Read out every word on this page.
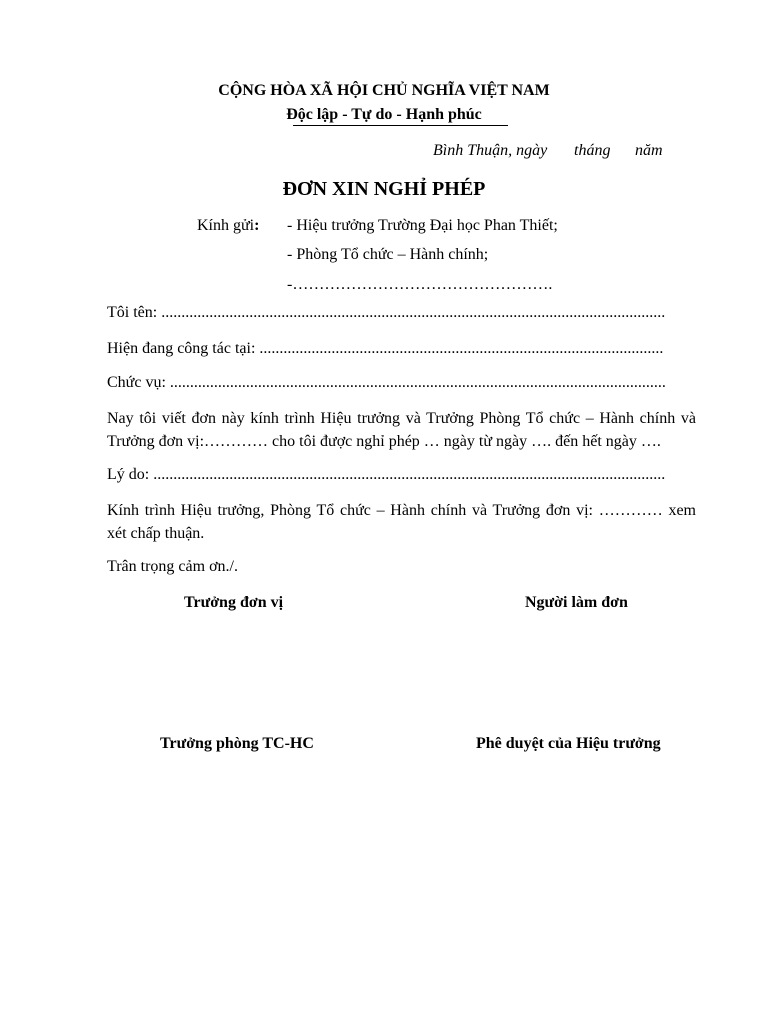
CỘNG HÒA XÃ HỘI CHỦ NGHĨA VIỆT NAM
Độc lập - Tự do - Hạnh phúc
Bình Thuận, ngày tháng năm
ĐƠN XIN NGHỈ PHÉP
Kính gửi: - Hiệu trưởng Trường Đại học Phan Thiết;
- Phòng Tổ chức – Hành chính;
-………………………………………….
Tôi tên: ..............................................................................................................................
Hiện đang công tác tại: .....................................................................................................
Chức vụ: ............................................................................................................................
Nay tôi viết đơn này kính trình Hiệu trưởng và Trưởng Phòng Tổ chức – Hành chính và
Trưởng đơn vị:………… cho tôi được nghỉ phép … ngày từ ngày …. đến hết ngày ….
Lý do: ................................................................................................................................
Kính trình Hiệu trưởng, Phòng Tổ chức – Hành chính và Trưởng đơn vị: ………… xem
xét chấp thuận.
Trân trọng cảm ơn./.
Trưởng đơn vị	Người làm đơn
Trưởng phòng TC-HC	Phê duyệt của Hiệu trưởng
